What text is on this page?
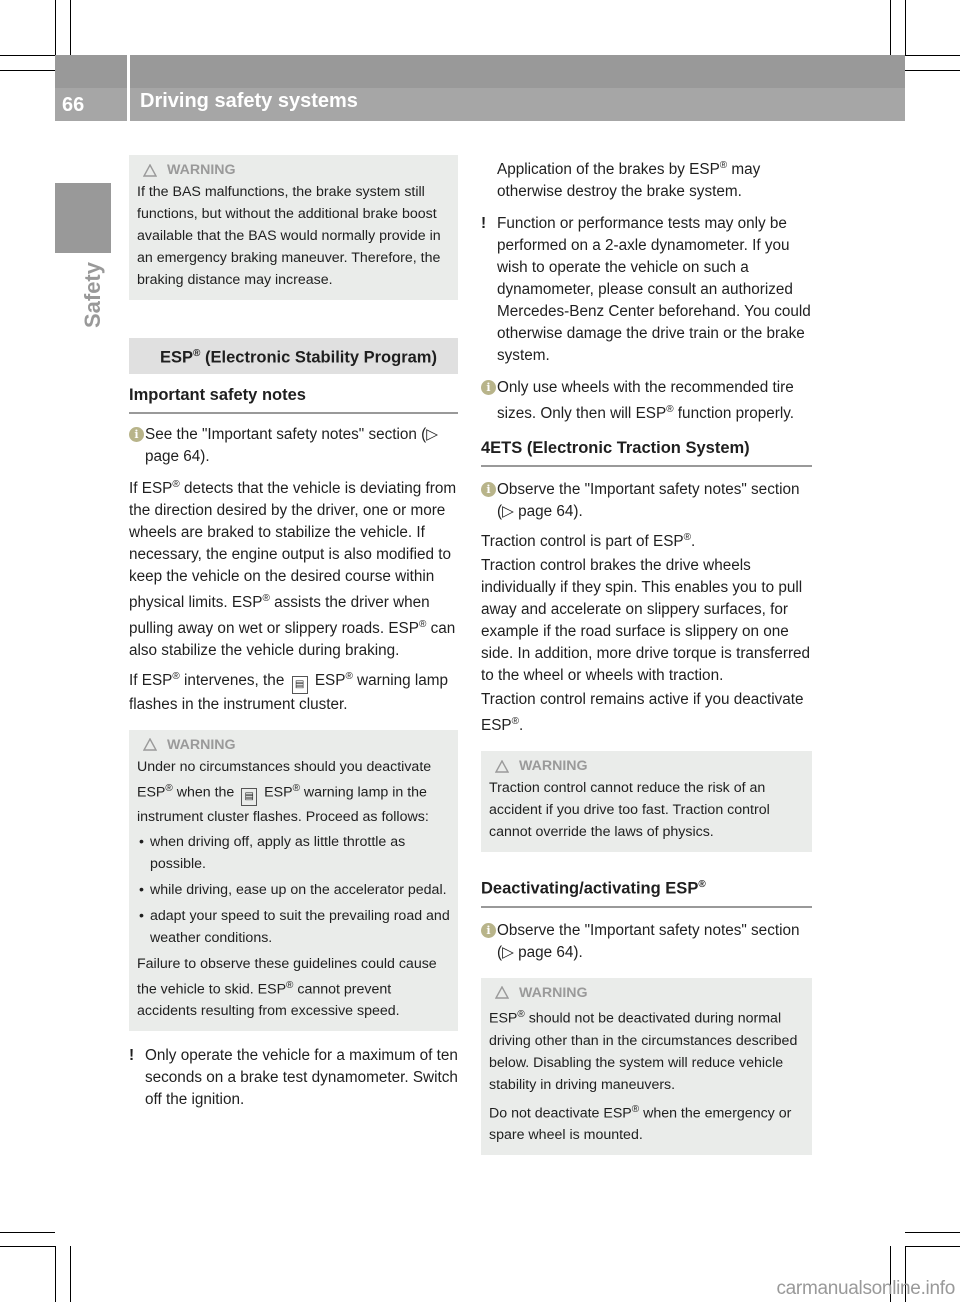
66	Driving safety systems
Safety
WARNING

If the BAS malfunctions, the brake system still functions, but without the additional brake boost available that the BAS would normally provide in an emergency braking maneuver. Therefore, the braking distance may increase.

ESP® (Electronic Stability Program)
Important safety notes

i See the "Important safety notes" section (▷ page 64).

If ESP® detects that the vehicle is deviating from the direction desired by the driver, one or more wheels are braked to stabilize the vehicle. If necessary, the engine output is also modified to keep the vehicle on the desired course within physical limits. ESP® assists the driver when pulling away on wet or slippery roads. ESP® can also stabilize the vehicle during braking.

If ESP® intervenes, the ▤ ESP® warning lamp flashes in the instrument cluster.

WARNING

Under no circumstances should you deactivate ESP® when the ▤ ESP® warning lamp in the instrument cluster flashes. Proceed as follows:

• when driving off, apply as little throttle as possible.
• while driving, ease up on the accelerator pedal.
• adapt your speed to suit the prevailing road and weather conditions.

Failure to observe these guidelines could cause the vehicle to skid. ESP® cannot prevent accidents resulting from excessive speed.

! Only operate the vehicle for a maximum of ten seconds on a brake test dynamometer. Switch off the ignition.

Application of the brakes by ESP® may otherwise destroy the brake system.

! Function or performance tests may only be performed on a 2-axle dynamometer. If you wish to operate the vehicle on such a dynamometer, please consult an authorized Mercedes-Benz Center beforehand. You could otherwise damage the drive train or the brake system.

i Only use wheels with the recommended tire sizes. Only then will ESP® function properly.

4ETS (Electronic Traction System)

i Observe the "Important safety notes" section (▷ page 64).

Traction control is part of ESP®.

Traction control brakes the drive wheels individually if they spin. This enables you to pull away and accelerate on slippery surfaces, for example if the road surface is slippery on one side. In addition, more drive torque is transferred to the wheel or wheels with traction.

Traction control remains active if you deactivate ESP®.

WARNING

Traction control cannot reduce the risk of an accident if you drive too fast. Traction control cannot override the laws of physics.

Deactivating/activating ESP®

i Observe the "Important safety notes" section (▷ page 64).

WARNING

ESP® should not be deactivated during normal driving other than in the circumstances described below. Disabling the system will reduce vehicle stability in driving maneuvers.

Do not deactivate ESP® when the emergency or spare wheel is mounted.

carmanualsonline.info
